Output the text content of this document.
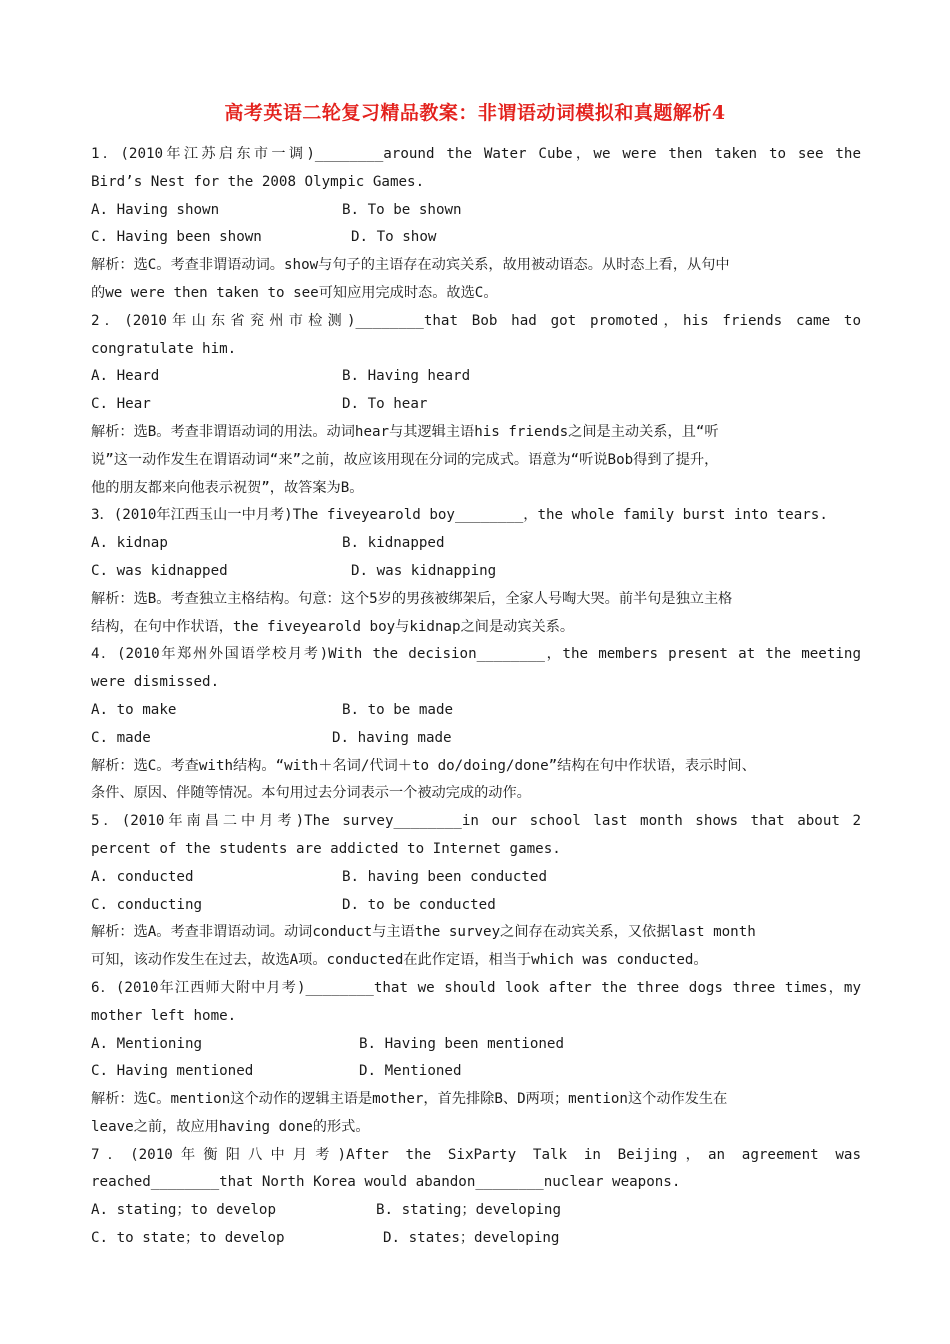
高考英语二轮复习精品教案：非谓语动词模拟和真题解析4

1．(2010年江苏启东市一调)________around the Water Cube，we were then taken to see the

Bird’s Nest for the 2008 Olympic Games.

A. Having shown	B. To be shown
C. Having been shown	D. To show

解析：选C。考查非谓语动词。show与句子的主语存在动宾关系，故用被动语态。从时态上看，从句中

的we were then taken to see可知应用完成时态。故选C。

2．(2010年山东省兖州市检测)________that Bob had got promoted，his friends came to

congratulate him.

A. Heard	B. Having heard
C. Hear	D. To hear

解析：选B。考查非谓语动词的用法。动词hear与其逻辑主语his friends之间是主动关系，且“听

说”这一动作发生在谓语动词“来”之前，故应该用现在分词的完成式。语意为“听说Bob得到了提升，

他的朋友都来向他表示祝贺”，故答案为B。

3．(2010年江西玉山一中月考)The fiveyearold boy________，the whole family burst into tears.

A. kidnap	B. kidnapped
C. was kidnapped	D. was kidnapping

解析：选B。考查独立主格结构。句意：这个5岁的男孩被绑架后，全家人号啕大哭。前半句是独立主格

结构，在句中作状语，the fiveyearold boy与kidnap之间是动宾关系。

4．(2010年郑州外国语学校月考)With the decision________，the members present at the meeting

were dismissed.

A. to make	B. to be made
C. made	D. having made

解析：选C。考查with结构。“with＋名词/代词＋to do/doing/done”结构在句中作状语，表示时间、

条件、原因、伴随等情况。本句用过去分词表示一个被动完成的动作。

5．(2010年南昌二中月考)The survey________in our school last month shows that about 2

percent of the students are addicted to Internet games.

A. conducted	B. having been conducted
C. conducting	D. to be conducted

解析：选A。考查非谓语动词。动词conduct与主语the survey之间存在动宾关系，又依据last month

可知，该动作发生在过去，故选A项。conducted在此作定语，相当于which was conducted。

6．(2010年江西师大附中月考)________that we should look after the three dogs three times，my

mother left home.

A. Mentioning	B. Having been mentioned
C. Having mentioned	D. Mentioned

解析：选C。mention这个动作的逻辑主语是mother，首先排除B、D两项；mention这个动作发生在

leave之前，故应用having done的形式。

7．(2010年衡阳八中月考)After the SixParty Talk in Beijing，an agreement was

reached________that North Korea would abandon________nuclear weapons.

A. stating；to develop	B. stating；developing
C. to state；to develop	D. states；developing
